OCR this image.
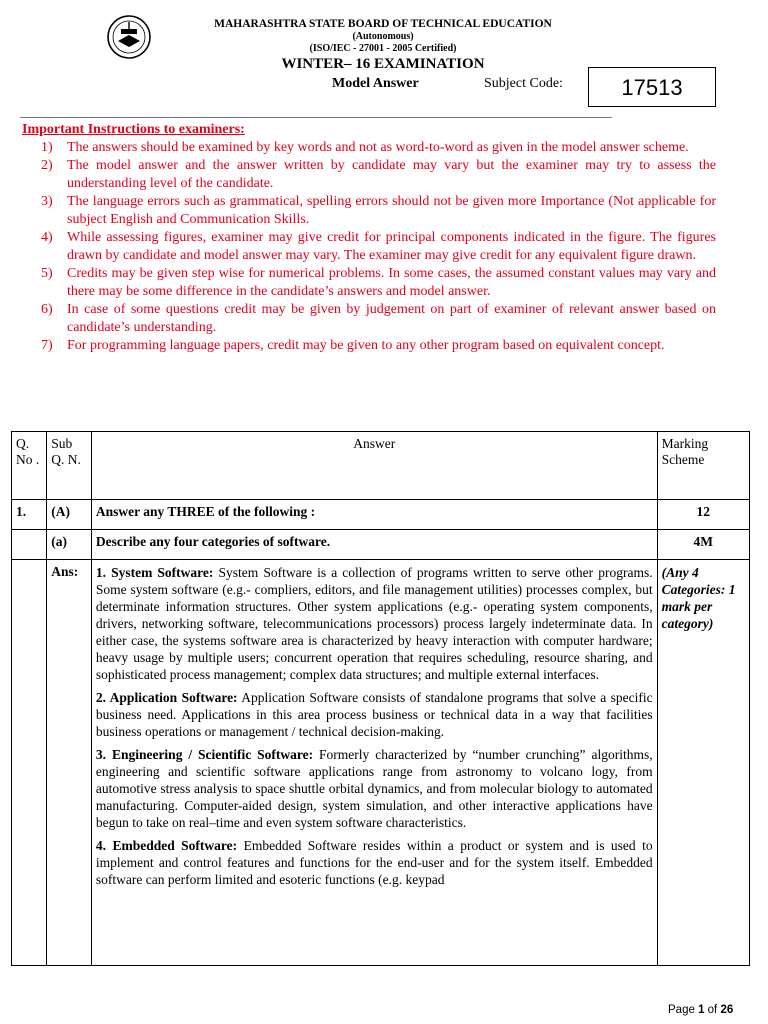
MAHARASHTRA STATE BOARD OF TECHNICAL EDUCATION
(Autonomous)
(ISO/IEC - 27001 - 2005 Certified)
WINTER– 16 EXAMINATION
Model Answer	Subject Code:	17513
Important Instructions to examiners:
1) The answers should be examined by key words and not as word-to-word as given in the model answer scheme.
2) The model answer and the answer written by candidate may vary but the examiner may try to assess the understanding level of the candidate.
3) The language errors such as grammatical, spelling errors should not be given more Importance (Not applicable for subject English and Communication Skills.
4) While assessing figures, examiner may give credit for principal components indicated in the figure. The figures drawn by candidate and model answer may vary. The examiner may give credit for any equivalent figure drawn.
5) Credits may be given step wise for numerical problems. In some cases, the assumed constant values may vary and there may be some difference in the candidate’s answers and model answer.
6) In case of some questions credit may be given by judgement on part of examiner of relevant answer based on candidate’s understanding.
7) For programming language papers, credit may be given to any other program based on equivalent concept.
Q. No .	Sub Q. N.	Answer	Marking Scheme
1.	(A)	Answer any THREE of the following :	12
	(a)	Describe any four categories of software.	4M
	Ans:	1. System Software: System Software is a collection of programs written to serve other programs. Some system software (e.g.- compliers, editors, and file management utilities) processes complex, but determinate information structures. Other system applications (e.g.- operating system components, drivers, networking software, telecommunications processors) process largely indeterminate data. In either case, the systems software area is characterized by heavy interaction with computer hardware; heavy usage by multiple users; concurrent operation that requires scheduling, resource sharing, and sophisticated process management; complex data structures; and multiple external interfaces.

2. Application Software: Application Software consists of standalone programs that solve a specific business need. Applications in this area process business or technical data in a way that facilities business operations or management / technical decision-making.

3. Engineering / Scientific Software: Formerly characterized by “number crunching” algorithms, engineering and scientific software applications range from astronomy to volcano logy, from automotive stress analysis to space shuttle orbital dynamics, and from molecular biology to automated manufacturing. Computer-aided design, system simulation, and other interactive applications have begun to take on real–time and even system software characteristics.

4. Embedded Software: Embedded Software resides within a product or system and is used to implement and control features and functions for the end-user and for the system itself. Embedded software can perform limited and esoteric functions (e.g. keypad	(Any 4 Categories: 1 mark per category)
Page 1 of 26
